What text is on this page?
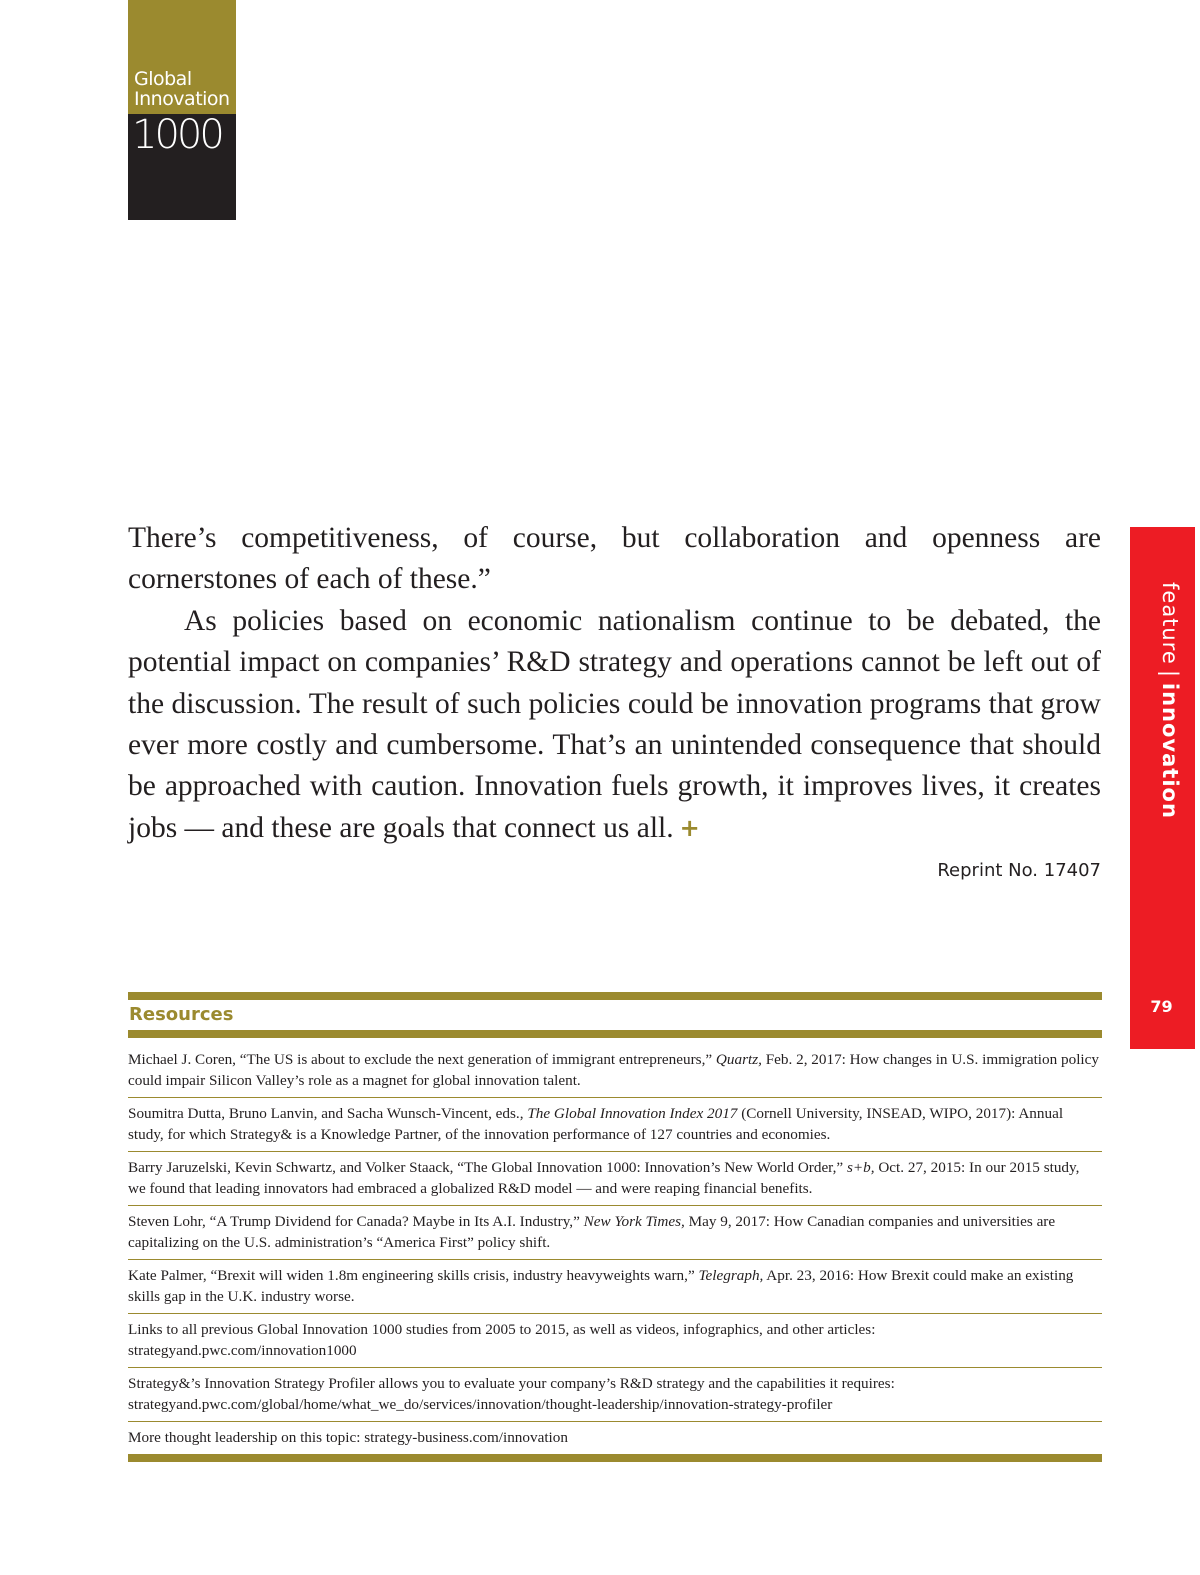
Global
Innovation
1000

There’s competitiveness, of course, but collaboration and openness are cornerstones of each of these.”

As policies based on economic nationalism continue to be debated, the potential impact on companies’ R&D strategy and operations cannot be left out of the discussion. The result of such policies could be innovation programs that grow ever more costly and cumbersome. That’s an unintended consequence that should be approached with caution. Innovation fuels growth, it improves lives, it creates jobs — and these are goals that connect us all. +

Reprint No. 17407
feature|innovation
79
Resources
Michael J. Coren, “The US is about to exclude the next generation of immigrant entrepreneurs,” Quartz, Feb. 2, 2017: How changes in U.S. immigration policy could impair Silicon Valley’s role as a magnet for global innovation talent.
Soumitra Dutta, Bruno Lanvin, and Sacha Wunsch-Vincent, eds., The Global Innovation Index 2017 (Cornell University, INSEAD, WIPO, 2017): Annual study, for which Strategy& is a Knowledge Partner, of the innovation performance of 127 countries and economies.
Barry Jaruzelski, Kevin Schwartz, and Volker Staack, “The Global Innovation 1000: Innovation’s New World Order,” s+b, Oct. 27, 2015: In our 2015 study, we found that leading innovators had embraced a globalized R&D model — and were reaping financial benefits.
Steven Lohr, “A Trump Dividend for Canada? Maybe in Its A.I. Industry,” New York Times, May 9, 2017: How Canadian companies and universities are capitalizing on the U.S. administration’s “America First” policy shift.
Kate Palmer, “Brexit will widen 1.8m engineering skills crisis, industry heavyweights warn,” Telegraph, Apr. 23, 2016: How Brexit could make an existing skills gap in the U.K. industry worse.
Links to all previous Global Innovation 1000 studies from 2005 to 2015, as well as videos, infographics, and other articles: strategyand.pwc.com/innovation1000
Strategy&’s Innovation Strategy Profiler allows you to evaluate your company’s R&D strategy and the capabilities it requires: strategyand.pwc.com/global/home/what_we_do/services/innovation/thought-leadership/innovation-strategy-profiler
More thought leadership on this topic: strategy-business.com/innovation
